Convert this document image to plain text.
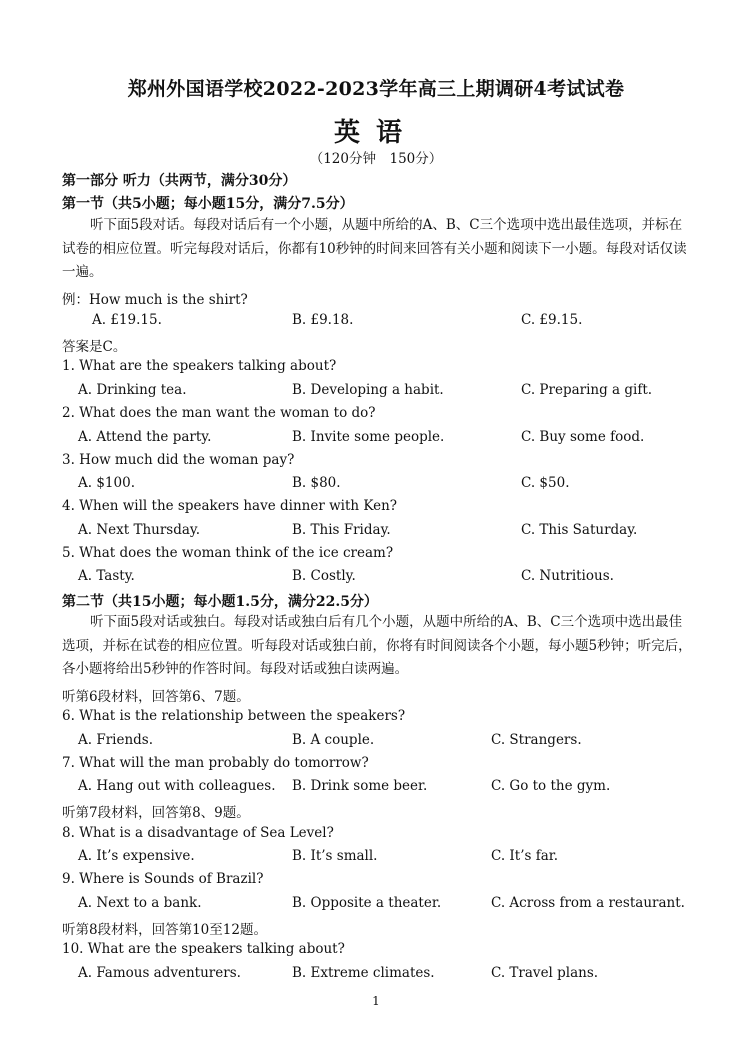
郑州外国语学校2022-2023学年高三上期调研4考试试卷
英语
（120分钟　150分）
第一部分 听力（共两节，满分30分）
第一节（共5小题；每小题15分，满分7.5分）
听下面5段对话。每段对话后有一个小题，从题中所给的A、B、C三个选项中选出最佳选项，并标在试卷的相应位置。听完每段对话后，你都有10秒钟的时间来回答有关小题和阅读下一小题。每段对话仅读一遍。
例：How much is the shirt?
A. £19.15.	B. £9.18.	C. £9.15.
答案是C。
1. What are the speakers talking about?
A. Drinking tea.	B. Developing a habit.	C. Preparing a gift.
2. What does the man want the woman to do?
A. Attend the party.	B. Invite some people.	C. Buy some food.
3. How much did the woman pay?
A. $100.	B. $80.	C. $50.
4. When will the speakers have dinner with Ken?
A. Next Thursday.	B. This Friday.	C. This Saturday.
5. What does the woman think of the ice cream?
A. Tasty.	B. Costly.	C. Nutritious.
第二节（共15小题；每小题1.5分，满分22.5分）
听下面5段对话或独白。每段对话或独白后有几个小题，从题中所给的A、B、C三个选项中选出最佳选项，并标在试卷的相应位置。听每段对话或独白前，你将有时间阅读各个小题，每小题5秒钟；听完后，各小题将给出5秒钟的作答时间。每段对话或独白读两遍。
听第6段材料，回答第6、7题。
6. What is the relationship between the speakers?
A. Friends.	B. A couple.	C. Strangers.
7. What will the man probably do tomorrow?
A. Hang out with colleagues. B. Drink some beer.	C. Go to the gym.
听第7段材料，回答第8、9题。
8. What is a disadvantage of Sea Level?
A. It’s expensive.	B. It’s small.	C. It’s far.
9. Where is Sounds of Brazil?
A. Next to a bank.	B. Opposite a theater.	C. Across from a restaurant.
听第8段材料，回答第10至12题。
10. What are the speakers talking about?
A. Famous adventurers.	B. Extreme climates.	C. Travel plans.
1
